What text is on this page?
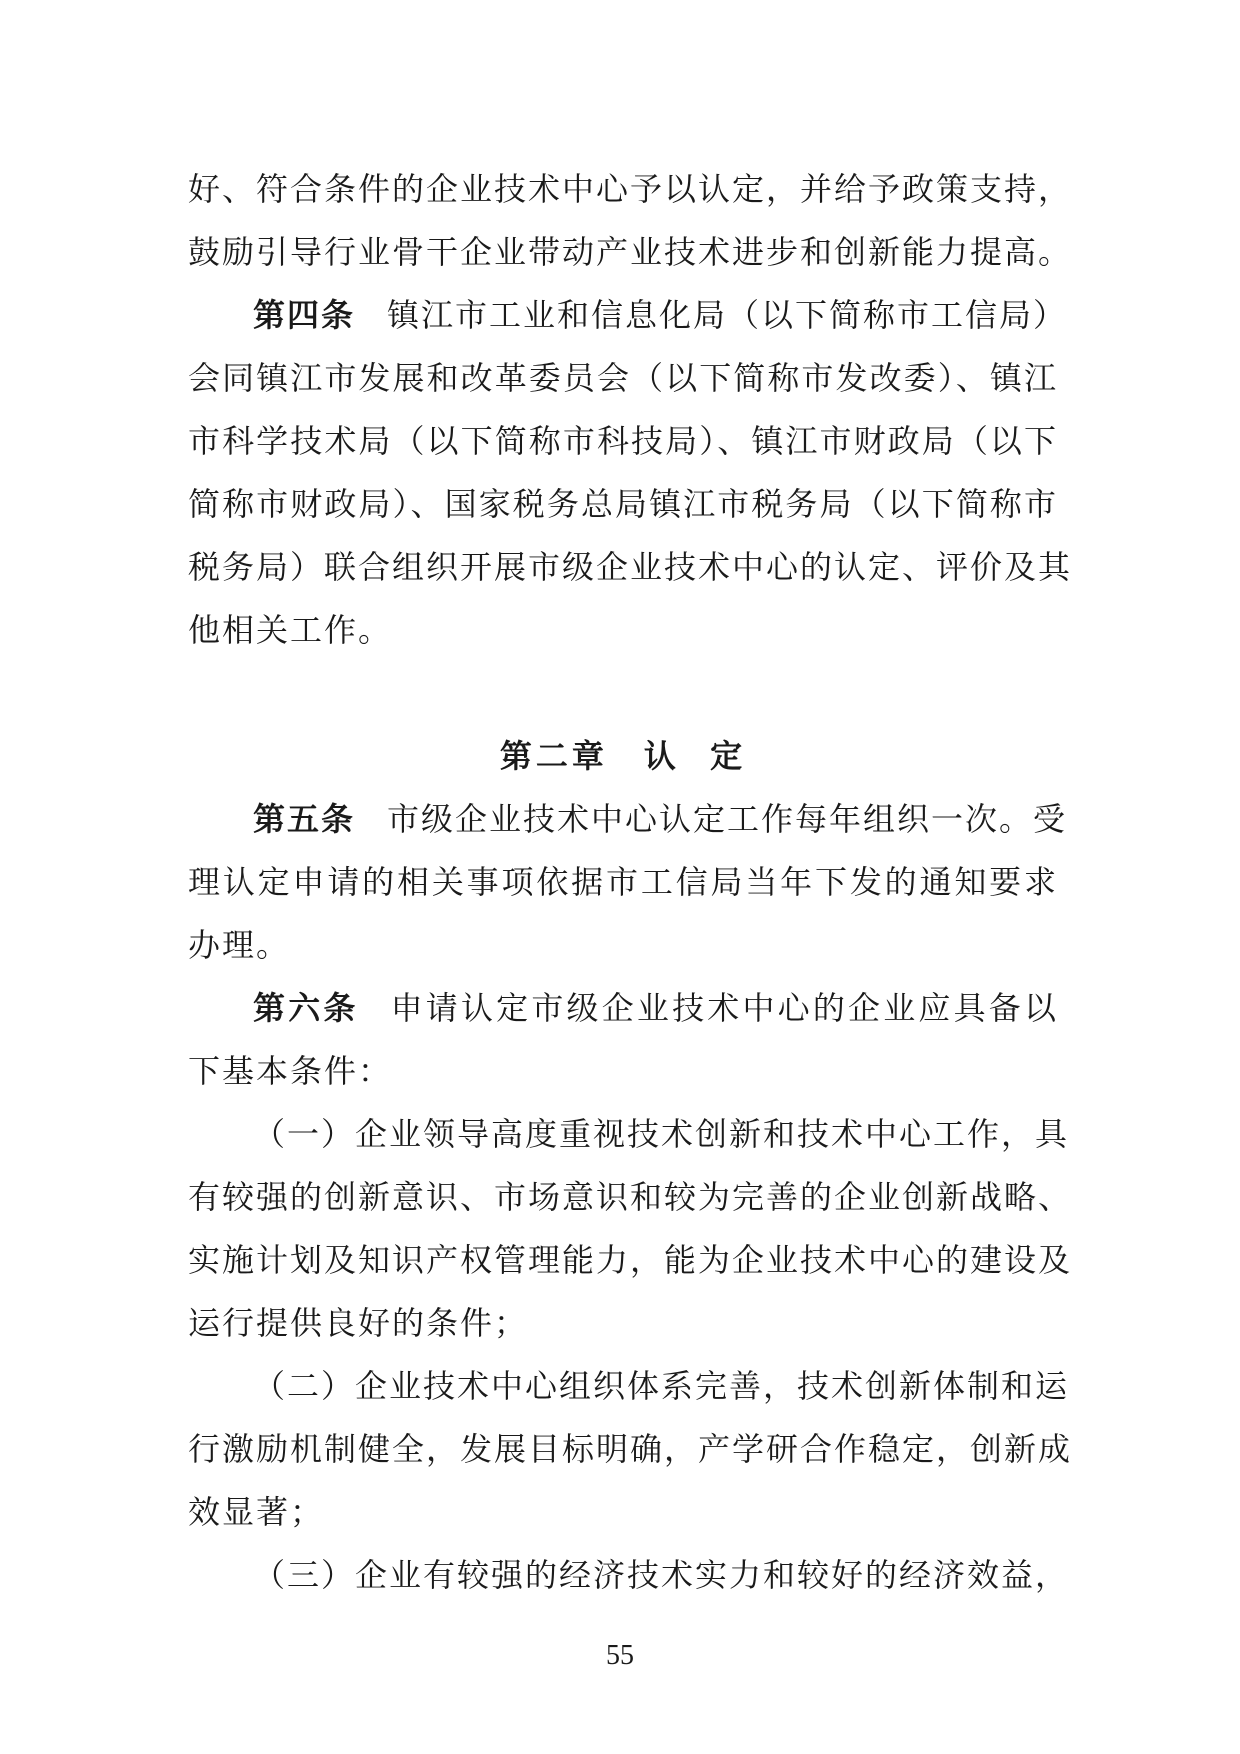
好、符合条件的企业技术中心予以认定，并给予政策支持，
鼓励引导行业骨干企业带动产业技术进步和创新能力提高。
第四条 镇江市工业和信息化局（以下简称市工信局）
会同镇江市发展和改革委员会（以下简称市发改委）、镇江
市科学技术局（以下简称市科技局）、镇江市财政局（以下
简称市财政局）、国家税务总局镇江市税务局（以下简称市
税务局）联合组织开展市级企业技术中心的认定、评价及其
他相关工作。
第二章 认  定
第五条 市级企业技术中心认定工作每年组织一次。受
理认定申请的相关事项依据市工信局当年下发的通知要求
办理。
第六条 申请认定市级企业技术中心的企业应具备以
下基本条件：
（一）企业领导高度重视技术创新和技术中心工作，具
有较强的创新意识、市场意识和较为完善的企业创新战略、
实施计划及知识产权管理能力，能为企业技术中心的建设及
运行提供良好的条件；
（二）企业技术中心组织体系完善，技术创新体制和运
行激励机制健全，发展目标明确，产学研合作稳定，创新成
效显著；
（三）企业有较强的经济技术实力和较好的经济效益，
55
